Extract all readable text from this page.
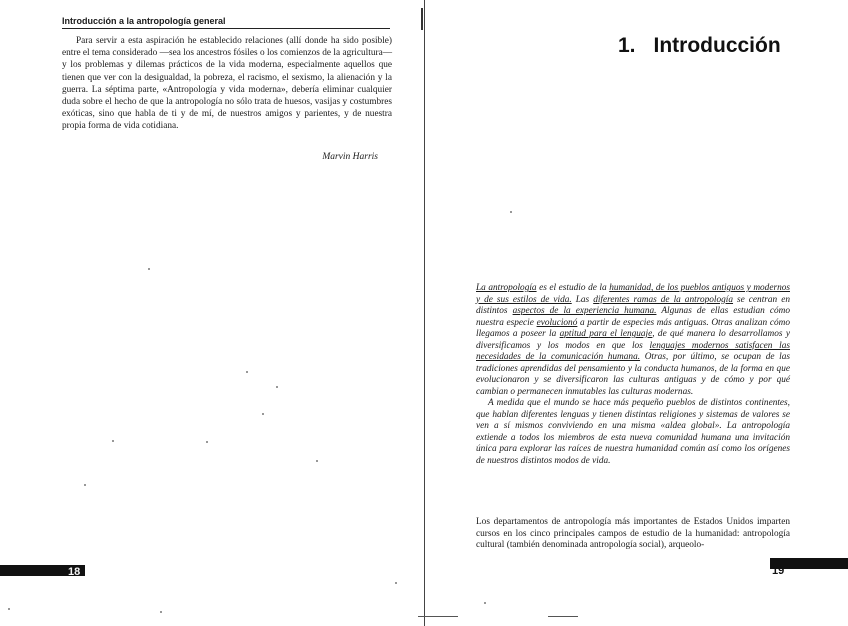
Introducción a la antropología general

Para servir a esta aspiración he establecido relaciones (allí donde ha sido posible) entre el tema considerado —sea los ancestros fósiles o los comienzos de la agricultura— y los problemas y dilemas prácticos de la vida moderna, especialmente aquellos que tienen que ver con la desigualdad, la pobreza, el racismo, el sexismo, la alienación y la guerra. La séptima parte, «Antropología y vida moderna», debería eliminar cualquier duda sobre el hecho de que la antropología no sólo trata de huesos, vasijas y costumbres exóticas, sino que habla de ti y de mí, de nuestros amigos y parientes, y de nuestra propia forma de vida cotidiana.

Marvin Harris
18
1. Introducción

La antropología es el estudio de la humanidad, de los pueblos antiguos y modernos y de sus estilos de vida. Las diferentes ramas de la antropología se centran en distintos aspectos de la experiencia humana. Algunas de ellas estudian cómo nuestra especie evolucionó a partir de especies más antiguas. Otras analizan cómo llegamos a poseer la aptitud para el lenguaje, de qué manera lo desarrollamos y diversificamos y los modos en que los lenguajes modernos satisfacen las necesidades de la comunicación humana. Otras, por último, se ocupan de las tradiciones aprendidas del pensamiento y la conducta humanos, de la forma en que evolucionaron y se diversificaron las culturas antiguas y de cómo y por qué cambian o permanecen inmutables las culturas modernas.

A medida que el mundo se hace más pequeño pueblos de distintos continentes, que hablan diferentes lenguas y tienen distintas religiones y sistemas de valores se ven a sí mismos conviviendo en una misma «aldea global». La antropología extiende a todos los miembros de esta nueva comunidad humana una invitación única para explorar las raíces de nuestra humanidad común así como los orígenes de nuestros distintos modos de vida.

Los departamentos de antropología más importantes de Estados Unidos imparten cursos en los cinco principales campos de estudio de la humanidad: antropología cultural (también denominada antropología social), arqueolo-

19
